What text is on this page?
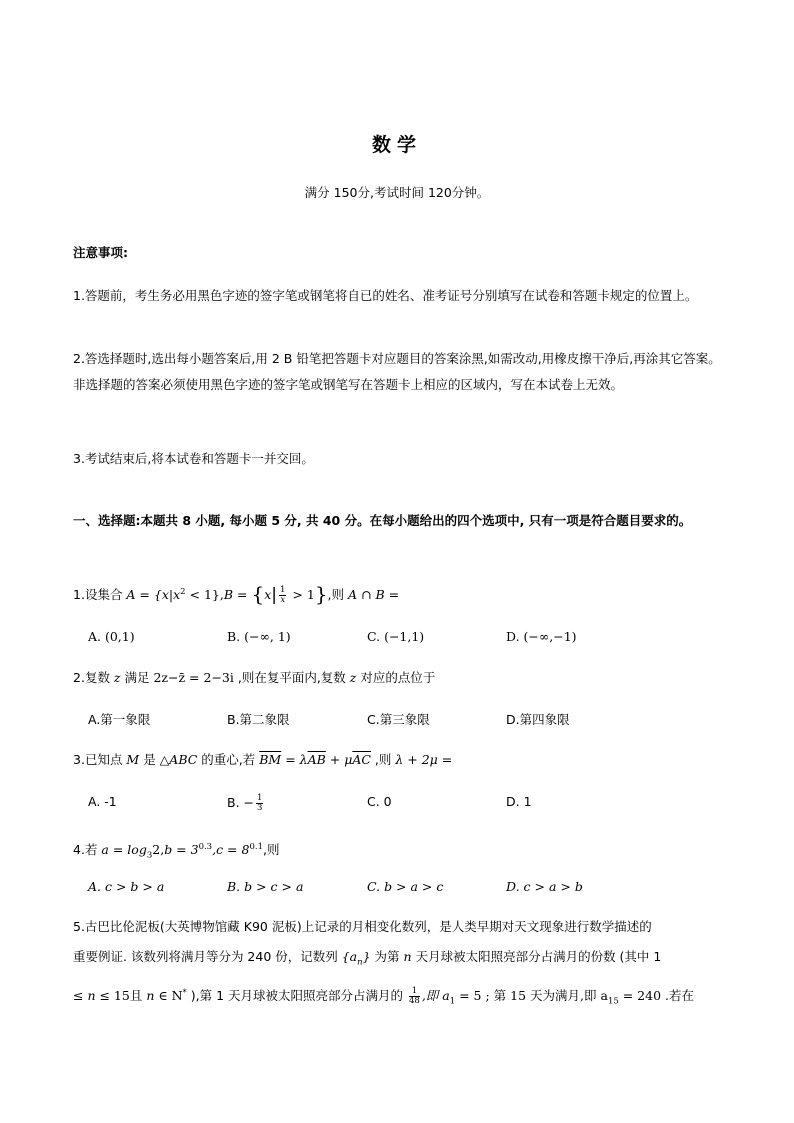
数学
满分 150分,考试时间 120分钟。
注意事项:
1.答题前，考生务必用黑色字迹的签字笔或钢笔将自已的姓名、准考证号分别填写在试卷和答题卡规定的位置上。
2.答选择题时,选出每小题答案后,用 2 B 铅笔把答题卡对应题目的答案涂黑,如需改动,用橡皮擦干净后,再涂其它答案。非选择题的答案必须使用黑色字迹的签字笔或钢笔写在答题卡上相应的区域内，写在本试卷上无效。
3.考试结束后,将本试卷和答题卡一并交回。
一、选择题:本题共 8 小题, 每小题 5 分, 共 40 分。在每小题给出的四个选项中, 只有一项是符合题目要求的。
1.设集合 $A = \{x|x^2 < 1\},B = \{x| \frac{1}{x} > 1\}$,则 A ∩ B =
A. (0,1)	B. (−∞, 1)	C. (−1,1)	D. (−∞,−1)
2.复数 z 满足 2z−z̄ = 2−3i ,则在复平面内,复数 z 对应的点位于
A.第一象限	B.第二象限	C.第三象限	D.第四象限
3.已知点 M 是 △ABC 的重心,若 $\overline{BM} = \lambda\overline{AB} + \mu\overline{AC}$ ,则 λ + 2μ =
A. -1	B. − $\frac{1}{3}$	C. 0	D. 1
4.若 $a = \log_32,b = 3^{0.3},c = 8^{0.1}$,则
A. c > b > a	B. b > c > a	C. b > a > c	D. c > a > b
5.古巴比伦泥板(大英博物馆藏 K90 泥板)上记录的月相变化数列，是人类早期对天文现象进行数学描述的
重要例证. 该数列将满月等分为 240 份，记数列 $\{a_n\}$ 为第 n 天月球被太阳照亮部分占满月的份数 (其中 1
≤ n ≤ 15且 n ∈ N* ),第 1 天月球被太阳照亮部分占满月的 $\frac{1}{48}$ ,即 $a_1 = 5$ ; 第 15 天为满月,即 $a_{15} = 240$ .若在
